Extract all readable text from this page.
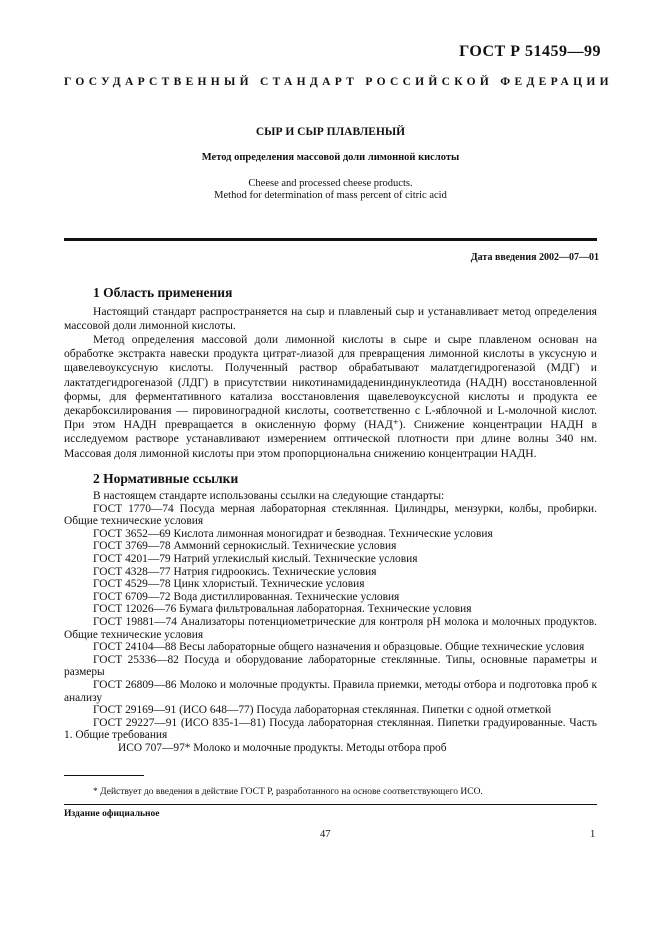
ГОСТ Р 51459—99
ГОСУДАРСТВЕННЫЙ СТАНДАРТ РОССИЙСКОЙ ФЕДЕРАЦИИ
СЫР И СЫР ПЛАВЛЕНЫЙ
Метод определения массовой доли лимонной кислоты
Cheese and processed cheese products.
Method for determination of mass percent of citric acid
Дата введения 2002—07—01
1 Область применения

Настоящий стандарт распространяется на сыр и плавленый сыр и устанавливает метод определения массовой доли лимонной кислоты.

Метод определения массовой доли лимонной кислоты в сыре и сыре плавленом основан на обработке экстракта навески продукта цитрат-лиазой для превращения лимонной кислоты в уксусную и щавелевоуксусную кислоты. Полученный раствор обрабатывают малатдегидрогеназой (МДГ) и лактатдегидрогеназой (ЛДГ) в присутствии никотинамидадениндинуклеотида (НАДН) восстановленной формы, для ферментативного катализа восстановления щавелевоуксусной кислоты и продукта ее декарбоксилирования — пировиноградной кислоты, соответственно с L-яблочной и L-молочной кислот. При этом НАДН превращается в окисленную форму (НАД⁺). Снижение концентрации НАДН в исследуемом растворе устанавливают измерением оптической плотности при длине волны 340 нм. Массовая доля лимонной кислоты при этом пропорциональна снижению концентрации НАДН.

2 Нормативные ссылки
В настоящем стандарте использованы ссылки на следующие стандарты:
ГОСТ 1770—74 Посуда мерная лабораторная стеклянная. Цилиндры, мензурки, колбы, пробирки. Общие технические условия
ГОСТ 3652—69 Кислота лимонная моногидрат и безводная. Технические условия
ГОСТ 3769—78 Аммоний сернокислый. Технические условия
ГОСТ 4201—79 Натрий углекислый кислый. Технические условия
ГОСТ 4328—77 Натрия гидроокись. Технические условия
ГОСТ 4529—78 Цинк хлористый. Технические условия
ГОСТ 6709—72 Вода дистиллированная. Технические условия
ГОСТ 12026—76 Бумага фильтровальная лабораторная. Технические условия
ГОСТ 19881—74 Анализаторы потенциометрические для контроля рН молока и молочных продуктов. Общие технические условия
ГОСТ 24104—88 Весы лабораторные общего назначения и образцовые. Общие технические условия
ГОСТ 25336—82 Посуда и оборудование лабораторные стеклянные. Типы, основные параметры и размеры
ГОСТ 26809—86 Молоко и молочные продукты. Правила приемки, методы отбора и подготовка проб к анализу
ГОСТ 29169—91 (ИСО 648—77) Посуда лабораторная стеклянная. Пипетки с одной отметкой
ГОСТ 29227—91 (ИСО 835-1—81) Посуда лабораторная стеклянная. Пипетки градуированные. Часть 1. Общие требования
ИСО 707—97* Молоко и молочные продукты. Методы отбора проб
* Действует до введения в действие ГОСТ Р, разработанного на основе соответствующего ИСО.
Издание официальное
47	1
